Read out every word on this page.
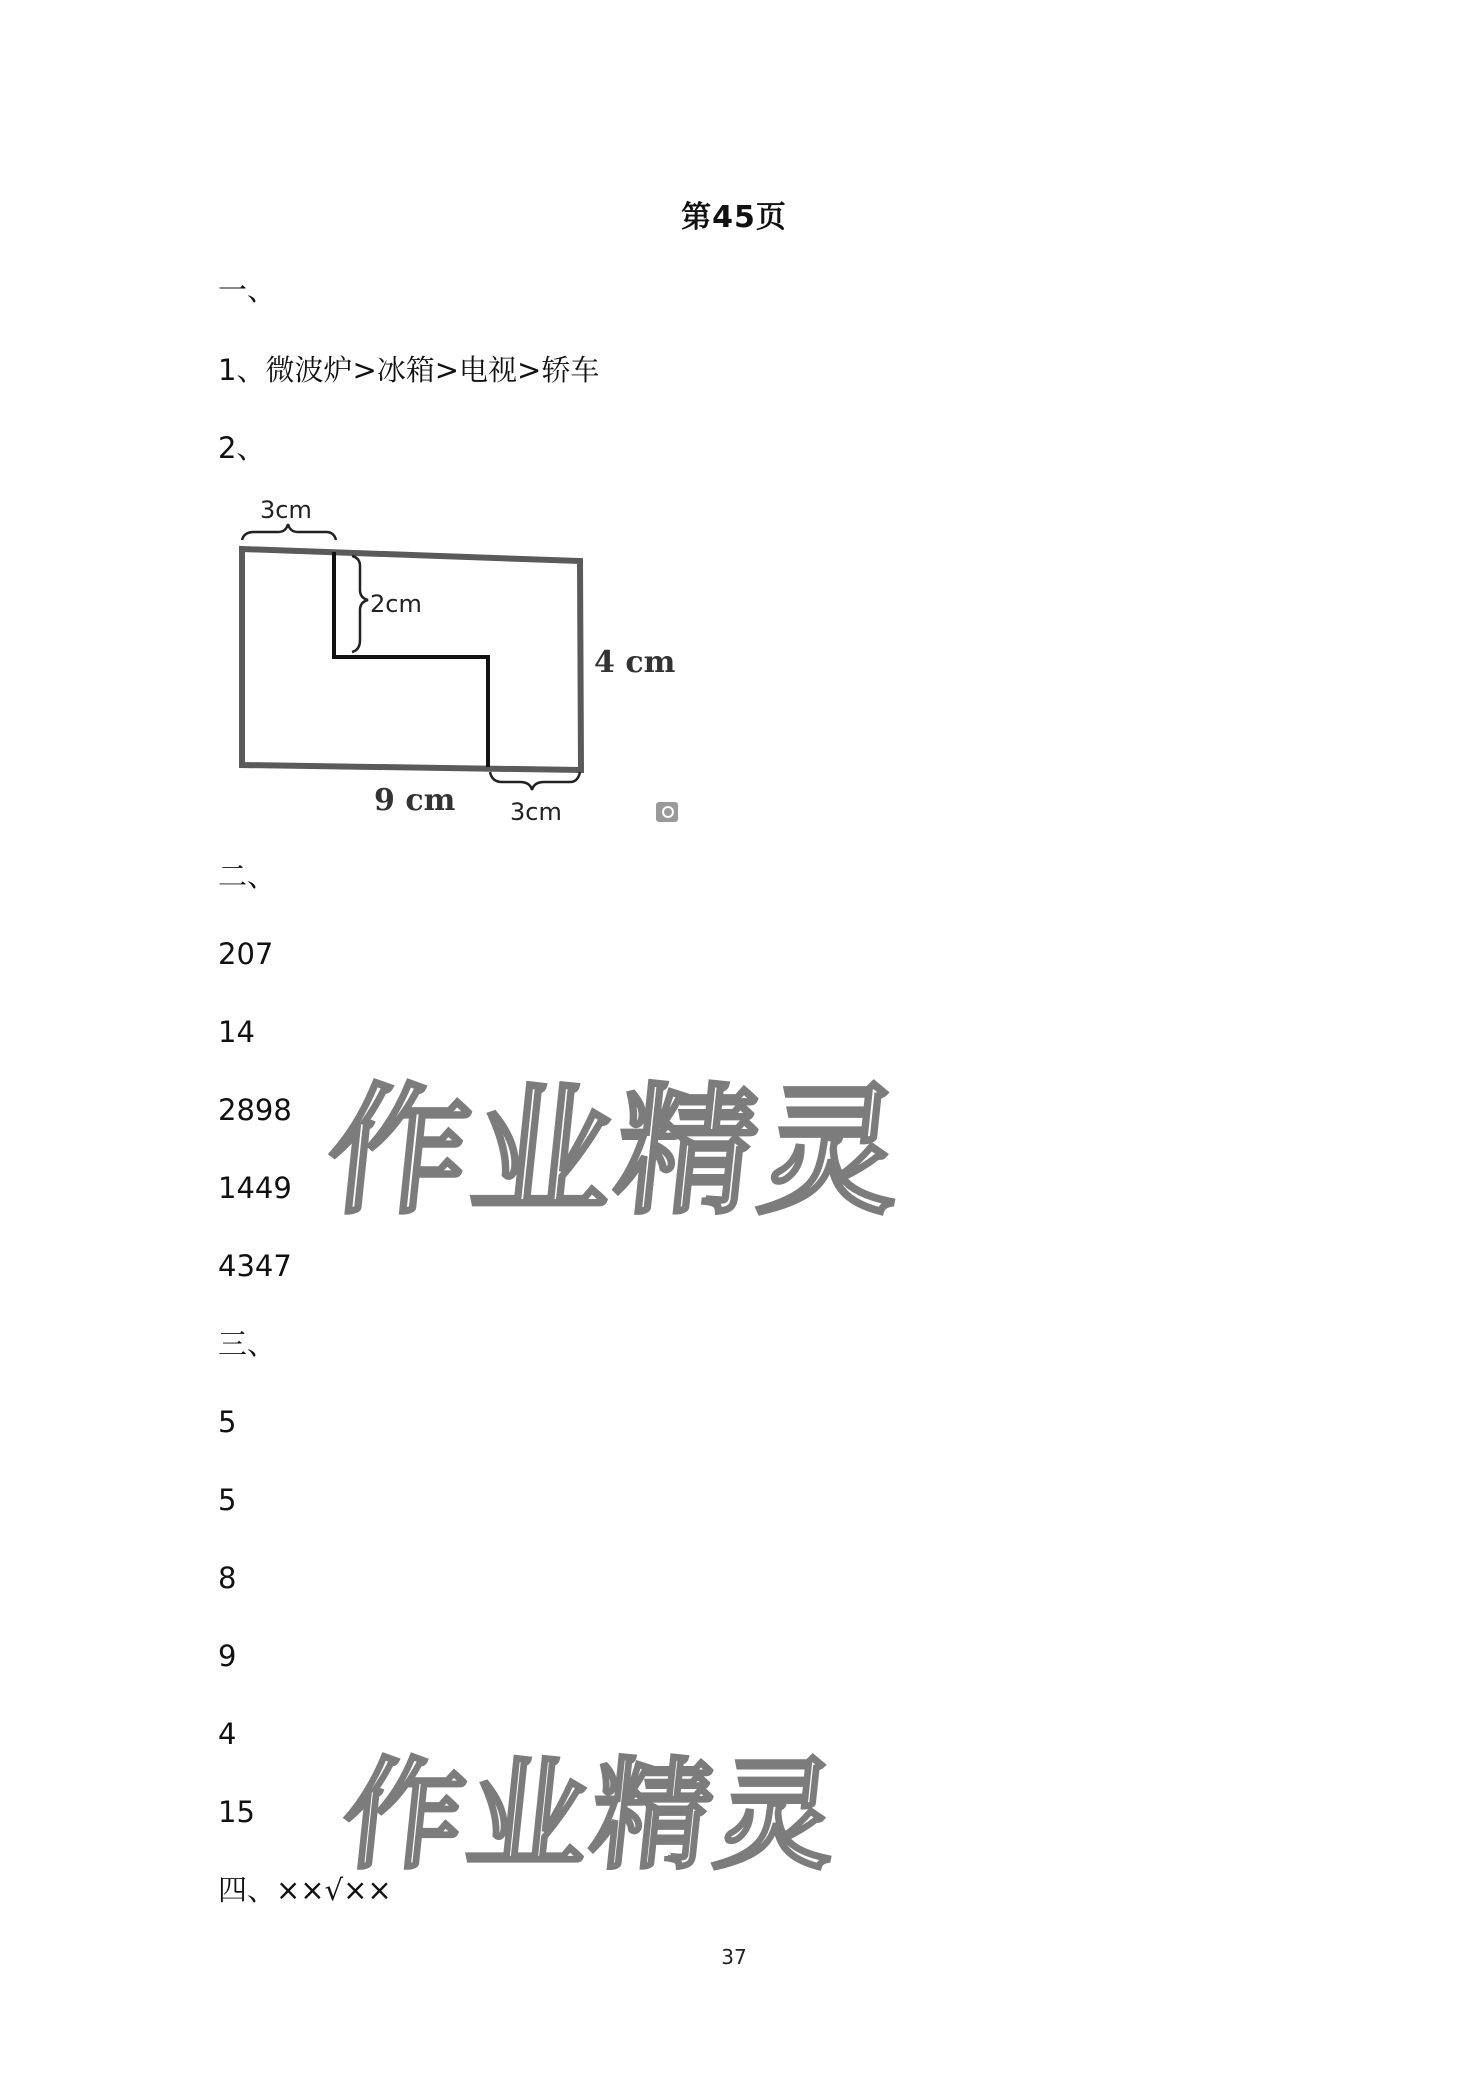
第45页
一、
1、微波炉>冰箱>电视>轿车
2、
3cm
2cm
4 cm
9 cm 3cm
二、
207
14
2898
1449
4347
三、
5
5
8
9
4
15
四、××√××
作业精灵
作业精灵
37
